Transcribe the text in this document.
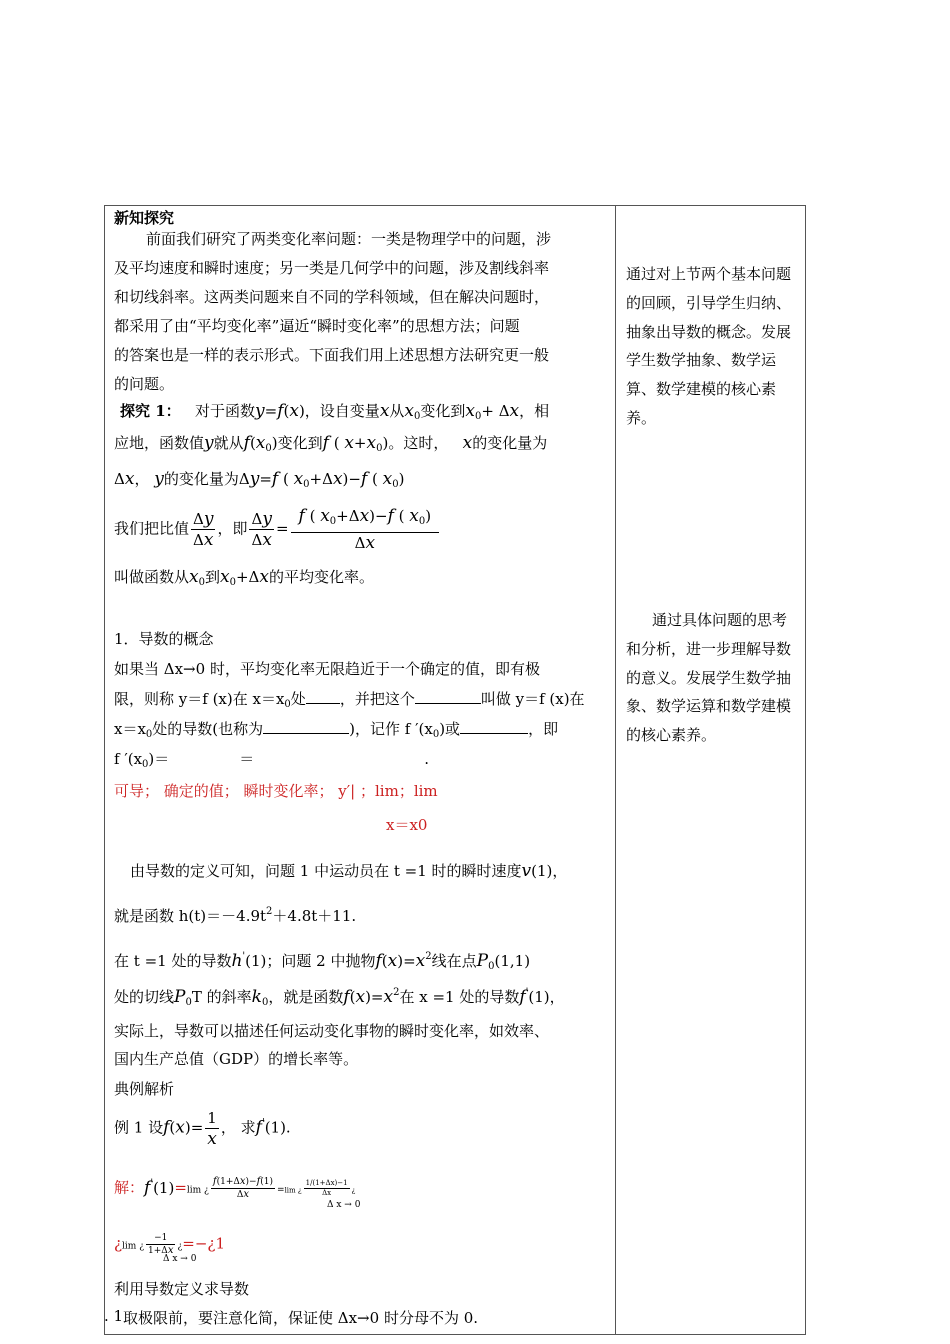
新知探究
前面我们研究了两类变化率问题：一类是物理学中的问题，涉
及平均速度和瞬时速度；另一类是几何学中的问题，涉及割线斜率
和切线斜率。这两类问题来自不同的学科领域，但在解决问题时，
都采用了由“平均变化率”逼近“瞬时变化率”的思想方法；问题
的答案也是一样的表示形式。下面我们用上述思想方法研究更一般
的问题。
探究 1： 对于函数y=f(x)，设自变量x从$x_0$变化到$x_0+ \Delta x$，相
应地，函数值y就从$f(x_0)$变化到f ( $x+x_0$)。这时， x的变化量为
Δx， y的变化量为Δy=f ( $x_0+\Delta x)-f$ ( $x_0$)
我们把比值 $\frac{\Delta y}{\Delta x}$ ，即 $\frac{\Delta y}{\Delta x} = \frac{f ( x_0+\Delta x)-f ( x_0)}{\Delta x}$
叫做函数从$x_0$到$x_0+\Delta x$的平均变化率。
1．导数的概念
如果当 Δx→0 时，平均变化率无限趋近于一个确定的值，即有极
限，则称 y＝f (x)在 $x=x_0$处 ，并把这个	叫做 y＝f (x)在
$x=x_0$处的导数(也称为	)，记作 f $'(x_0)$或	，即
f $'(x_0)=$	＝	.
可导； 确定的值； 瞬时变化率； y′| ；lim；lim
x＝x0
由导数的定义可知，问题 1 中运动员在 t =1 时的瞬时速度v(1)，
就是函数 $h(t)=-4.9t^2+4.8t+11$.
在 t =1 处的导数h'(1)；问题 2 中抛物$f(x)=x^2$线在点$P_0(1,1)$
处的切线$P_0T$ 的斜率$k_0$，就是函数$f(x)=x^2$在 x =1 处的导数f'(1)，
实际上，导数可以描述任何运动变化事物的瞬时变化率，如效率、
国内生产总值（GDP）的增长率等。
典例解析
例 1 设$f(x)= \frac{1}{x}$ ， 求f'(1).
解：f'(1)=lim ¿ $\frac{f(1+\Delta x)-f(1)}{\Delta x} =\lim$ ¿ $\frac{1/(1+\Delta x)-1}{\Delta x}$ ¿
Δ x → 0
¿lim ¿ $\frac{-1}{1+\Delta x}$ ¿=−¿1
Δ x → 0
利用导数定义求导数
. 1 取极限前，要注意化简，保证使 Δx→0 时分母不为 0.
通过对上节两个基本问题的回顾，引导学生归纳、抽象出导数的概念。发展学生数学抽象、数学运算、数学建模的核心素养。
通过具体问题的思考和分析，进一步理解导数的意义。发展学生数学抽象、数学运算和数学建模的核心素养。
